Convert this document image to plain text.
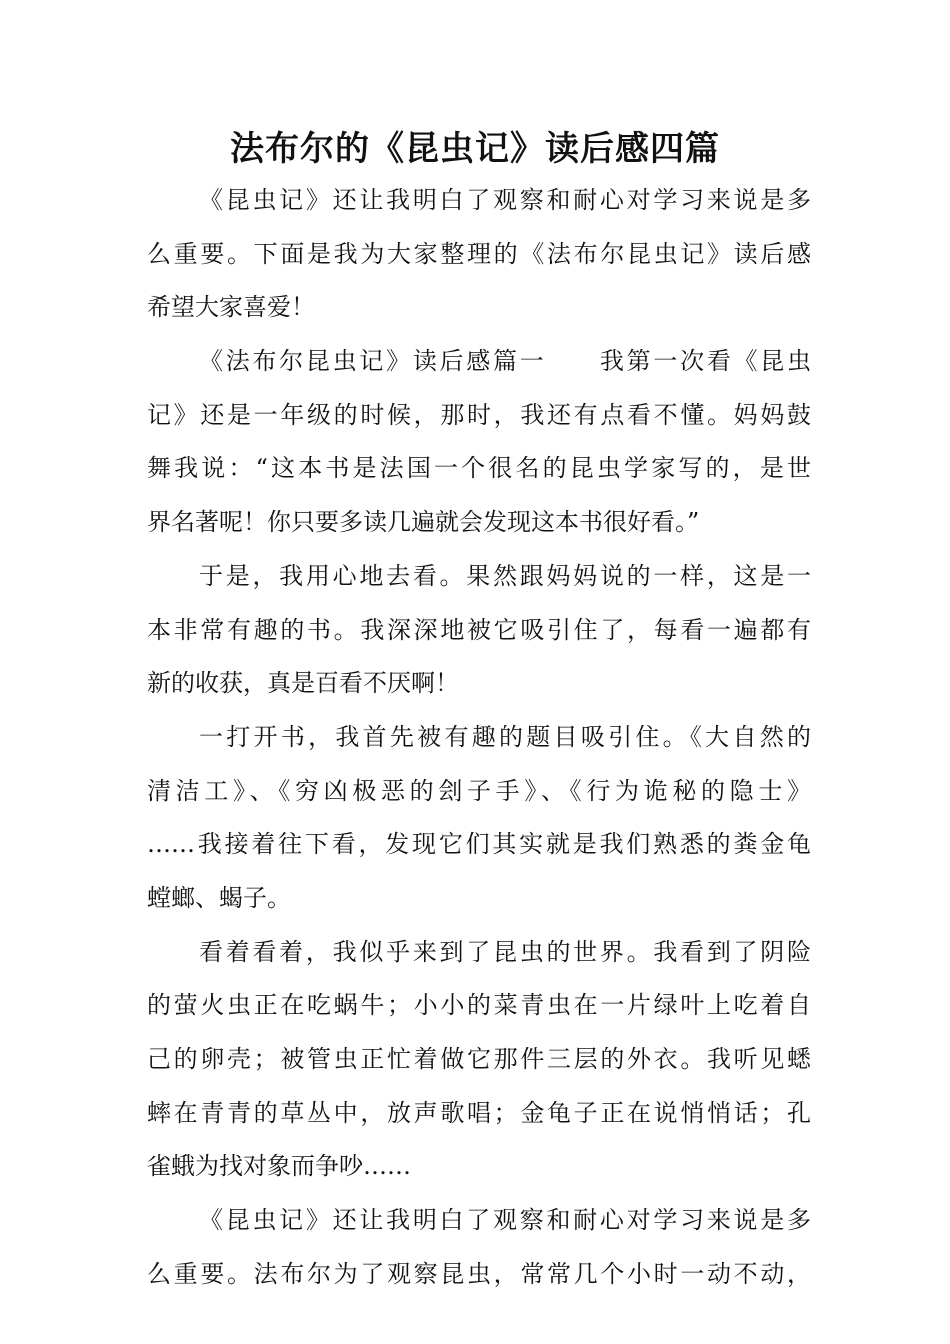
法布尔的《昆虫记》读后感四篇
《昆虫记》还让我明白了观察和耐心对学习来说是多
么重要。下面是我为大家整理的《法布尔昆虫记》读后感
希望大家喜爱！
《法布尔昆虫记》读后感篇一　　我第一次看《昆虫
记》还是一年级的时候，那时，我还有点看不懂。妈妈鼓
舞我说：“这本书是法国一个很名的昆虫学家写的，是世
界名著呢！你只要多读几遍就会发现这本书很好看。”
于是，我用心地去看。果然跟妈妈说的一样，这是一
本非常有趣的书。我深深地被它吸引住了，每看一遍都有
新的收获，真是百看不厌啊！
一打开书，我首先被有趣的题目吸引住。《大自然的
清洁工》、《穷凶极恶的刽子手》、《行为诡秘的隐士》
……我接着往下看，发现它们其实就是我们熟悉的粪金龟
螳螂、蝎子。
看着看着，我似乎来到了昆虫的世界。我看到了阴险
的萤火虫正在吃蜗牛；小小的菜青虫在一片绿叶上吃着自
己的卵壳；被管虫正忙着做它那件三层的外衣。我听见蟋
蟀在青青的草丛中，放声歌唱；金龟子正在说悄悄话；孔
雀蛾为找对象而争吵……
《昆虫记》还让我明白了观察和耐心对学习来说是多
么重要。法布尔为了观察昆虫，常常几个小时一动不动，
